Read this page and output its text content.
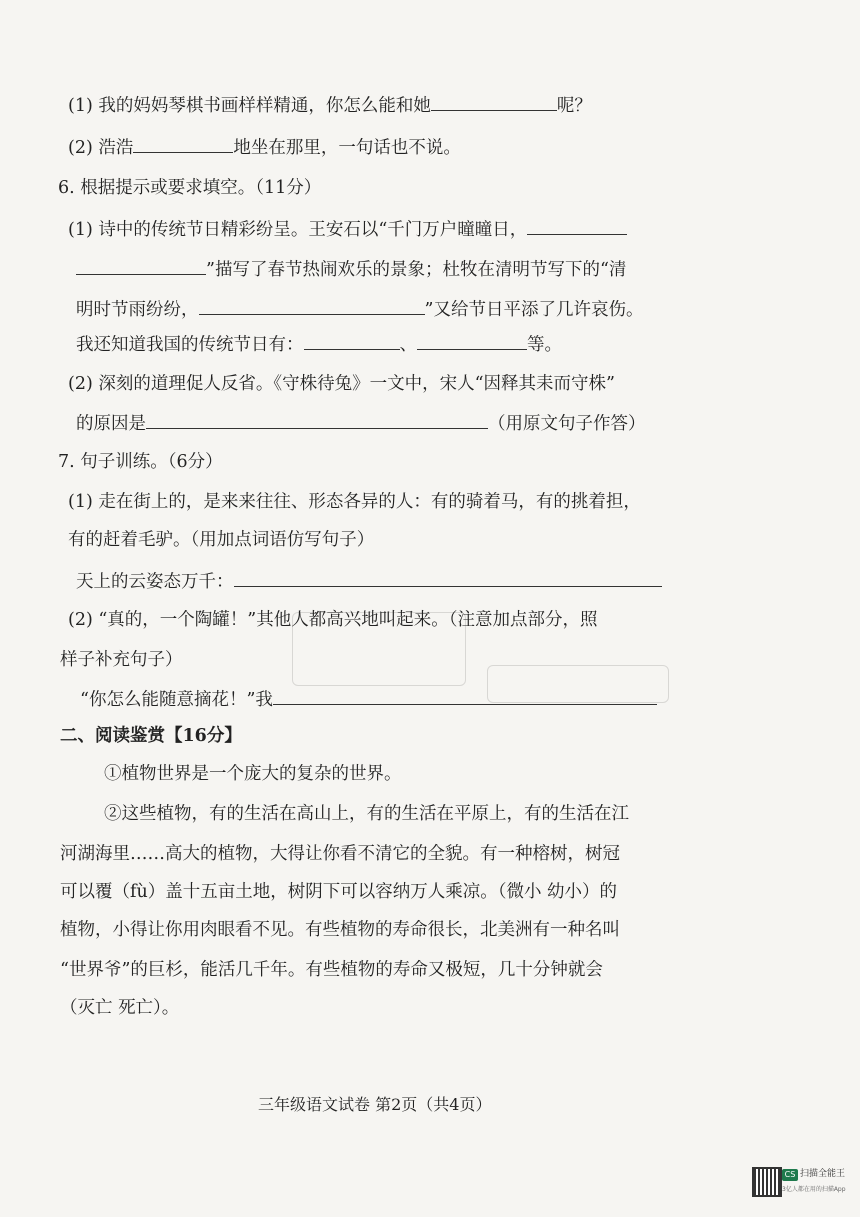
(1) 我的妈妈琴棋书画样样精通，你怎么能和她	呢？
(2) 浩浩	地坐在那里，一句话也不说。
6. 根据提示或要求填空。（11分）
(1) 诗中的传统节日精彩纷呈。王安石以“千门万户曈曈日，
”描写了春节热闹欢乐的景象；杜牧在清明节写下的“清
明时节雨纷纷，	”又给节日平添了几许哀伤。
我还知道我国的传统节日有：	、	等。
(2) 深刻的道理促人反省。《守株待兔》一文中，宋人“因释其耒而守株”
的原因是	（用原文句子作答）
7. 句子训练。（6分）
(1) 走在街上的，是来来往往、形态各异的人：有的骑着马，有的挑着担，
有的赶着毛驴。（用加点词语仿写句子）
天上的云姿态万千：
(2) “真的，一个陶罐！”其他人都高兴地叫起来。（注意加点部分，照
样子补充句子）
“你怎么能随意摘花！”我
二、阅读鉴赏【16分】
①植物世界是一个庞大的复杂的世界。
②这些植物，有的生活在高山上，有的生活在平原上，有的生活在江
河湖海里……高大的植物，大得让你看不清它的全貌。有一种榕树，树冠
可以覆（fù）盖十五亩土地，树阴下可以容纳万人乘凉。（微小 幼小）的
植物，小得让你用肉眼看不见。有些植物的寿命很长，北美洲有一种名叫
“世界爷”的巨杉，能活几千年。有些植物的寿命又极短，几十分钟就会
（灭亡 死亡）。
三年级语文试卷 第2页（共4页）
CS 扫描全能王
3亿人都在用的扫描App
